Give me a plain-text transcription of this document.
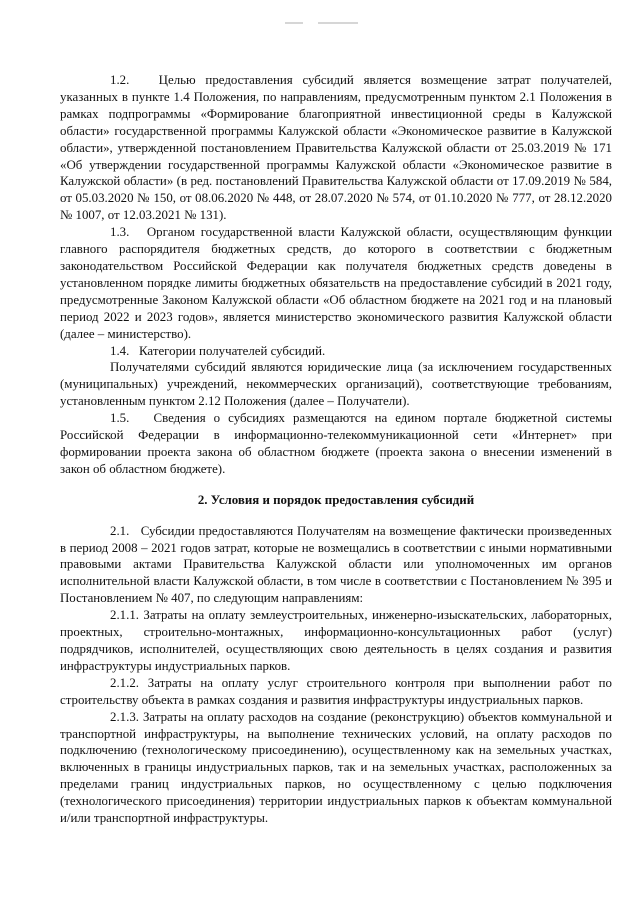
1.2.   Целью предоставления субсидий является возмещение затрат получателей, указанных в пункте 1.4 Положения, по направлениям, предусмотренным пунктом 2.1 Положения в рамках подпрограммы «Формирование благоприятной инвестиционной среды в Калужской области» государственной программы Калужской области «Экономическое развитие в Калужской области», утвержденной постановлением Правительства Калужской области от 25.03.2019 № 171 «Об утверждении государственной программы Калужской области «Экономическое развитие в Калужской области» (в ред. постановлений Правительства Калужской области от 17.09.2019 № 584, от 05.03.2020 № 150, от 08.06.2020 № 448, от 28.07.2020 № 574, от 01.10.2020 № 777, от 28.12.2020 № 1007, от 12.03.2021 № 131).

1.3.   Органом государственной власти Калужской области, осуществляющим функции главного распорядителя бюджетных средств, до которого в соответствии с бюджетным законодательством Российской Федерации как получателя бюджетных средств доведены в установленном порядке лимиты бюджетных обязательств на предоставление субсидий в 2021 году, предусмотренные Законом Калужской области «Об областном бюджете на 2021 год и на плановый период 2022 и 2023 годов», является министерство экономического развития Калужской области (далее – министерство).

1.4.   Категории получателей субсидий.

Получателями субсидий являются юридические лица (за исключением государственных (муниципальных) учреждений, некоммерческих организаций), соответствующие требованиям, установленным пунктом 2.12 Положения (далее – Получатели).

1.5.   Сведения о субсидиях размещаются на едином портале бюджетной системы Российской Федерации в информационно-телекоммуникационной сети «Интернет» при формировании проекта закона об областном бюджете (проекта закона о внесении изменений в закон об областном бюджете).

2. Условия и порядок предоставления субсидий

2.1.   Субсидии предоставляются Получателям на возмещение фактически произведенных в период 2008 – 2021 годов затрат, которые не возмещались в соответствии с иными нормативными правовыми актами Правительства Калужской области или уполномоченных им органов исполнительной власти Калужской области, в том числе в соответствии с Постановлением № 395 и Постановлением № 407, по следующим направлениям:

2.1.1. Затраты на оплату землеустроительных, инженерно-изыскательских, лабораторных, проектных, строительно-монтажных, информационно-консультационных работ (услуг) подрядчиков, исполнителей, осуществляющих свою деятельность в целях создания и развития инфраструктуры индустриальных парков.

2.1.2. Затраты на оплату услуг строительного контроля при выполнении работ по строительству объекта в рамках создания и развития инфраструктуры индустриальных парков.

2.1.3. Затраты на оплату расходов на создание (реконструкцию) объектов коммунальной и транспортной инфраструктуры, на выполнение технических условий, на оплату расходов по подключению (технологическому присоединению), осуществленному как на земельных участках, включенных в границы индустриальных парков, так и на земельных участках, расположенных за пределами границ индустриальных парков, но осуществленному с целью подключения (технологического присоединения) территории индустриальных парков к объектам коммунальной и/или транспортной инфраструктуры.
